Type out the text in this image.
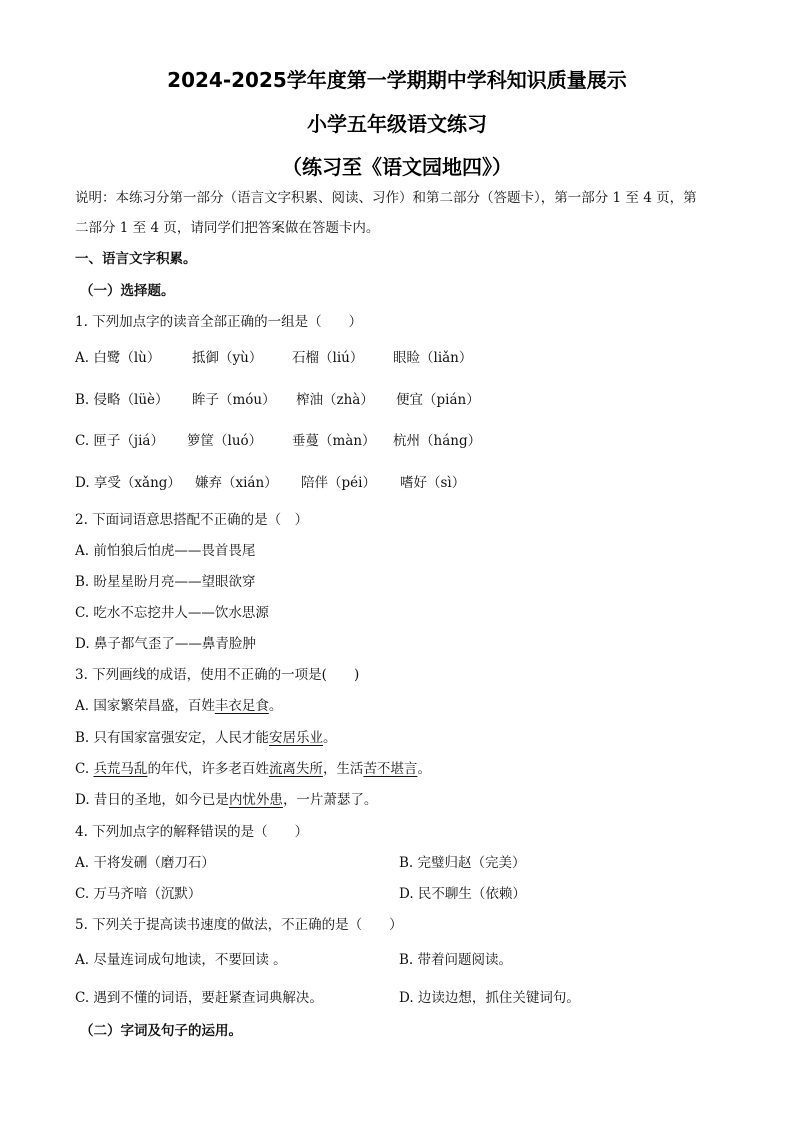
2024-2025学年度第一学期期中学科知识质量展示
小学五年级语文练习
（练习至《语文园地四》）
说明：本练习分第一部分（语言文字积累、阅读、习作）和第二部分（答题卡），第一部分 1 至 4 页，第
二部分 1 至 4 页，请同学们把答案做在答题卡内。
一、语言文字积累。
（一）选择题。
1. 下列加点字的读音全部正确的一组是（　　）
A. 白鹭（lù） 抵御（yù） 石榴（liú） 眼睑（liǎn）
B. 侵略（lüè） 眸子（móu） 榨油（zhà） 便宜（pián）
C. 匣子（jiá） 箩筐（luó） 垂蔓（màn） 杭州（háng）
D. 享受（xǎng） 嫌弃（xián） 陪伴（péi） 嗜好（sì）
2. 下面词语意思搭配不正确的是（　）
A. 前怕狼后怕虎——畏首畏尾
B. 盼星星盼月亮——望眼欲穿
C. 吃水不忘挖井人——饮水思源
D. 鼻子都气歪了——鼻青脸肿
3. 下列画线的成语，使用不正确的一项是(　　)
A. 国家繁荣昌盛，百姓丰衣足食。
B. 只有国家富强安定，人民才能安居乐业。
C. 兵荒马乱的年代，许多老百姓流离失所，生活苦不堪言。
D. 昔日的圣地，如今已是内忧外患，一片萧瑟了。
4. 下列加点字的解释错误的是（　　）
A. 干将发硎（磨刀石）	B. 完璧归赵（完美）
C. 万马齐喑（沉默）	D. 民不聊生（依赖）
5. 下列关于提高读书速度的做法，不正确的是（　　）
A. 尽量连词成句地读，不要回读 。	B. 带着问题阅读。
C. 遇到不懂的词语，要赶紧查词典解决。	D. 边读边想，抓住关键词句。
（二）字词及句子的运用。
